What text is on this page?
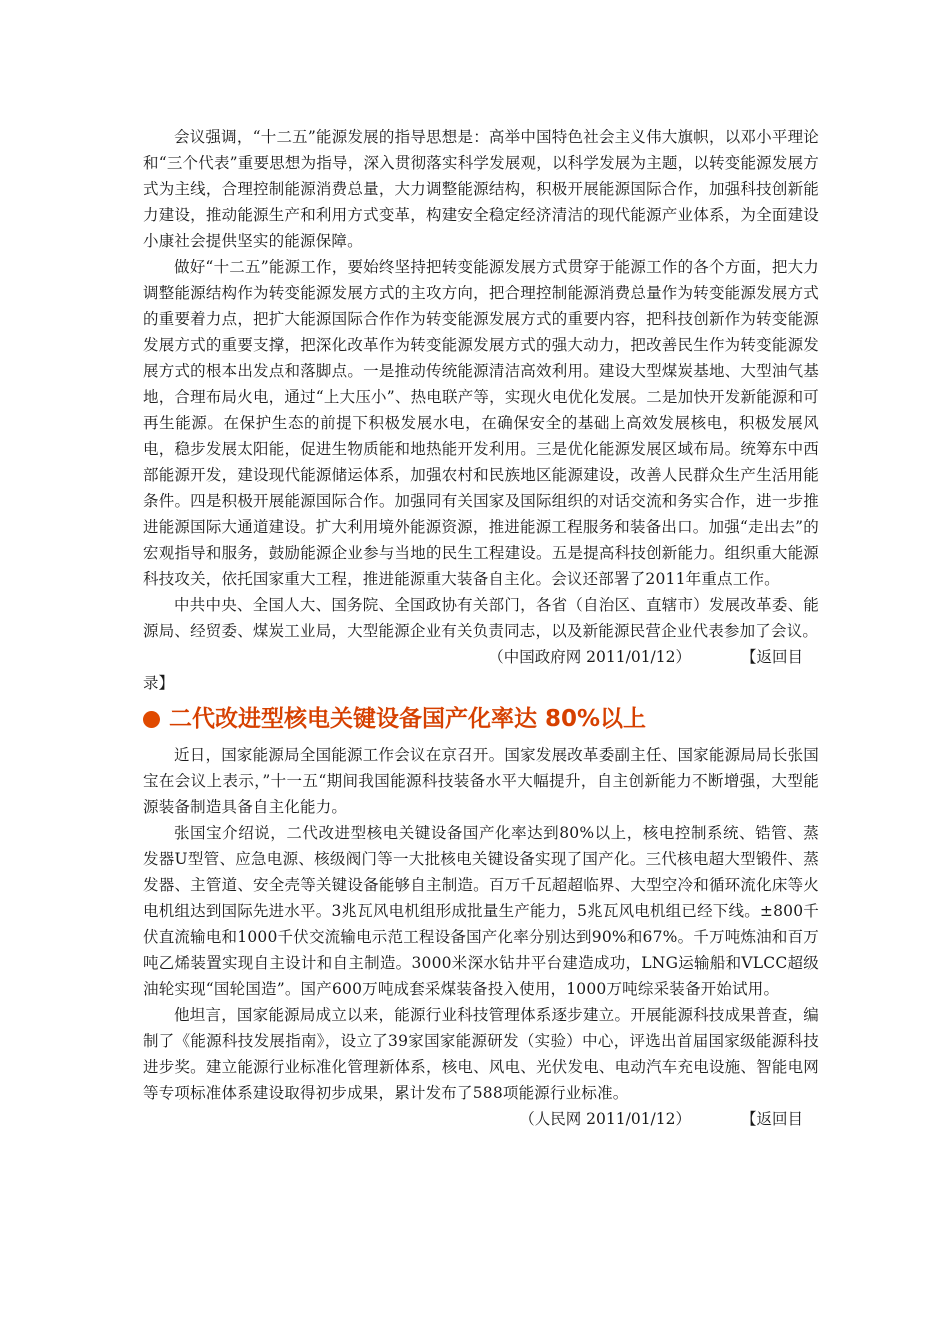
会议强调，“十二五”能源发展的指导思想是：高举中国特色社会主义伟大旗帜，以邓小平理论和“三个代表”重要思想为指导，深入贯彻落实科学发展观，以科学发展为主题，以转变能源发展方式为主线，合理控制能源消费总量，大力调整能源结构，积极开展能源国际合作，加强科技创新能力建设，推动能源生产和利用方式变革，构建安全稳定经济清洁的现代能源产业体系，为全面建设小康社会提供坚实的能源保障。

做好“十二五”能源工作，要始终坚持把转变能源发展方式贯穿于能源工作的各个方面，把大力调整能源结构作为转变能源发展方式的主攻方向，把合理控制能源消费总量作为转变能源发展方式的重要着力点，把扩大能源国际合作作为转变能源发展方式的重要内容，把科技创新作为转变能源发展方式的重要支撑，把深化改革作为转变能源发展方式的强大动力，把改善民生作为转变能源发展方式的根本出发点和落脚点。一是推动传统能源清洁高效利用。建设大型煤炭基地、大型油气基地，合理布局火电，通过“上大压小”、热电联产等，实现火电优化发展。二是加快开发新能源和可再生能源。在保护生态的前提下积极发展水电，在确保安全的基础上高效发展核电，积极发展风电，稳步发展太阳能，促进生物质能和地热能开发利用。三是优化能源发展区域布局。统筹东中西部能源开发，建设现代能源储运体系，加强农村和民族地区能源建设，改善人民群众生产生活用能条件。四是积极开展能源国际合作。加强同有关国家及国际组织的对话交流和务实合作，进一步推进能源国际大通道建设。扩大利用境外能源资源，推进能源工程服务和装备出口。加强“走出去”的宏观指导和服务，鼓励能源企业参与当地的民生工程建设。五是提高科技创新能力。组织重大能源科技攻关，依托国家重大工程，推进能源重大装备自主化。会议还部署了2011年重点工作。

中共中央、全国人大、国务院、全国政协有关部门，各省（自治区、直辖市）发展改革委、能源局、经贸委、煤炭工业局，大型能源企业有关负责同志，以及新能源民营企业代表参加了会议。

（中国政府网 2011/01/12）	【返回目

录】

二代改进型核电关键设备国产化率达 80%以上

近日，国家能源局全国能源工作会议在京召开。国家发展改革委副主任、国家能源局局长张国宝在会议上表示，”十一五“期间我国能源科技装备水平大幅提升，自主创新能力不断增强，大型能源装备制造具备自主化能力。

张国宝介绍说，二代改进型核电关键设备国产化率达到80%以上，核电控制系统、锆管、蒸发器U型管、应急电源、核级阀门等一大批核电关键设备实现了国产化。三代核电超大型锻件、蒸发器、主管道、安全壳等关键设备能够自主制造。百万千瓦超超临界、大型空冷和循环流化床等火电机组达到国际先进水平。3兆瓦风电机组形成批量生产能力，5兆瓦风电机组已经下线。±800千伏直流输电和1000千伏交流输电示范工程设备国产化率分别达到90%和67%。千万吨炼油和百万吨乙烯装置实现自主设计和自主制造。3000米深水钻井平台建造成功，LNG运输船和VLCC超级油轮实现“国轮国造”。国产600万吨成套采煤装备投入使用，1000万吨综采装备开始试用。

他坦言，国家能源局成立以来，能源行业科技管理体系逐步建立。开展能源科技成果普查，编制了《能源科技发展指南》，设立了39家国家能源研发（实验）中心，评选出首届国家级能源科技进步奖。建立能源行业标准化管理新体系，核电、风电、光伏发电、电动汽车充电设施、智能电网等专项标准体系建设取得初步成果，累计发布了588项能源行业标准。

（人民网 2011/01/12）	【返回目
